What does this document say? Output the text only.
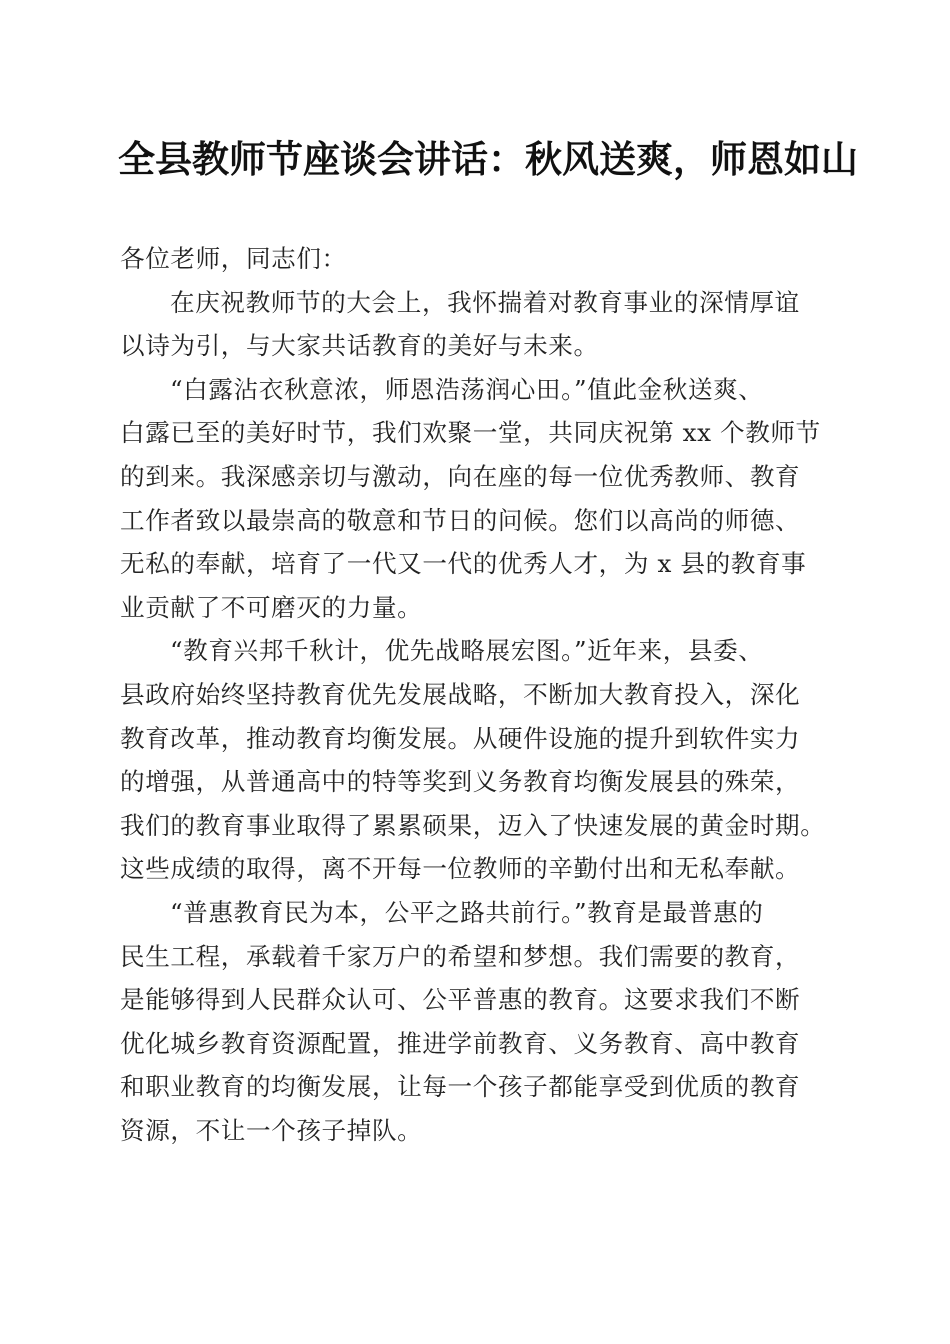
全县教师节座谈会讲话：秋风送爽，师恩如山
各位老师，同志们：
在庆祝教师节的大会上，我怀揣着对教育事业的深情厚谊
以诗为引，与大家共话教育的美好与未来。
“白露沾衣秋意浓，师恩浩荡润心田。”值此金秋送爽、
白露已至的美好时节，我们欢聚一堂，共同庆祝第 xx 个教师节
的到来。我深感亲切与激动，向在座的每一位优秀教师、教育
工作者致以最崇高的敬意和节日的问候。您们以高尚的师德、
无私的奉献，培育了一代又一代的优秀人才，为 x 县的教育事
业贡献了不可磨灭的力量。
“教育兴邦千秋计，优先战略展宏图。”近年来，县委、
县政府始终坚持教育优先发展战略，不断加大教育投入，深化
教育改革，推动教育均衡发展。从硬件设施的提升到软件实力
的增强，从普通高中的特等奖到义务教育均衡发展县的殊荣，
我们的教育事业取得了累累硕果，迈入了快速发展的黄金时期。
这些成绩的取得，离不开每一位教师的辛勤付出和无私奉献。
“普惠教育民为本，公平之路共前行。”教育是最普惠的
民生工程，承载着千家万户的希望和梦想。我们需要的教育，
是能够得到人民群众认可、公平普惠的教育。这要求我们不断
优化城乡教育资源配置，推进学前教育、义务教育、高中教育
和职业教育的均衡发展，让每一个孩子都能享受到优质的教育
资源，不让一个孩子掉队。
